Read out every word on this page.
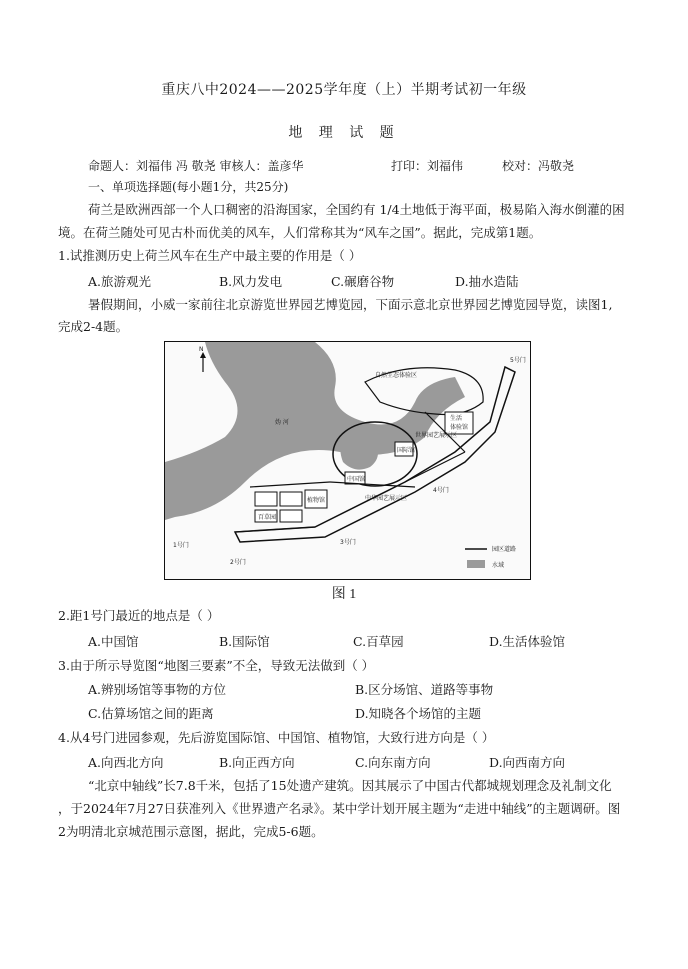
重庆八中2024——2025学年度（上）半期考试初一年级
地 理 试 题
命题人：刘福伟 冯 敬尧 审核人：盖彦华	打印：刘福伟	校对：冯敬尧
一、单项选择题(每小题1分，共25分)
荷兰是欧洲西部一个人口稠密的沿海国家，全国约有 1/4土地低于海平面，极易陷入海水倒灌的困
境。在荷兰随处可见古朴而优美的风车，人们常称其为“风车之国”。据此，完成第1题。
1.试推测历史上荷兰风车在生产中最主要的作用是（ ）
A.旅游观光	B.风力发电	C.碾磨谷物	D.抽水造陆
暑假期间，小威一家前往北京游览世界园艺博览园，下面示意北京世界园艺博览园导览，读图1,
完成2-4题。
N
自然生态体验区
妫 河
生活
体验馆
世界园艺展示区
国际馆
中国馆
中华园艺展示区
植物馆
百草园
1号门
2号门
3号门
4号门
5号门
园区道路
水域
图 1
2.距1号门最近的地点是（ ）
A.中国馆	B.国际馆	C.百草园	D.生活体验馆
3.由于所示导览图“地图三要素”不全，导致无法做到（ ）
A.辨别场馆等事物的方位	B.区分场馆、道路等事物
C.估算场馆之间的距离	D.知晓各个场馆的主题
4.从4号门进园参观，先后游览国际馆、中国馆、植物馆，大致行进方向是（ ）
A.向西北方向	B.向正西方向	C.向东南方向	D.向西南方向
“北京中轴线”长7.8千米，包括了15处遗产建筑。因其展示了中国古代都城规划理念及礼制文化
，于2024年7月27日获准列入《世界遗产名录》。某中学计划开展主题为“走进中轴线”的主题调研。图
2为明清北京城范围示意图，据此，完成5-6题。
